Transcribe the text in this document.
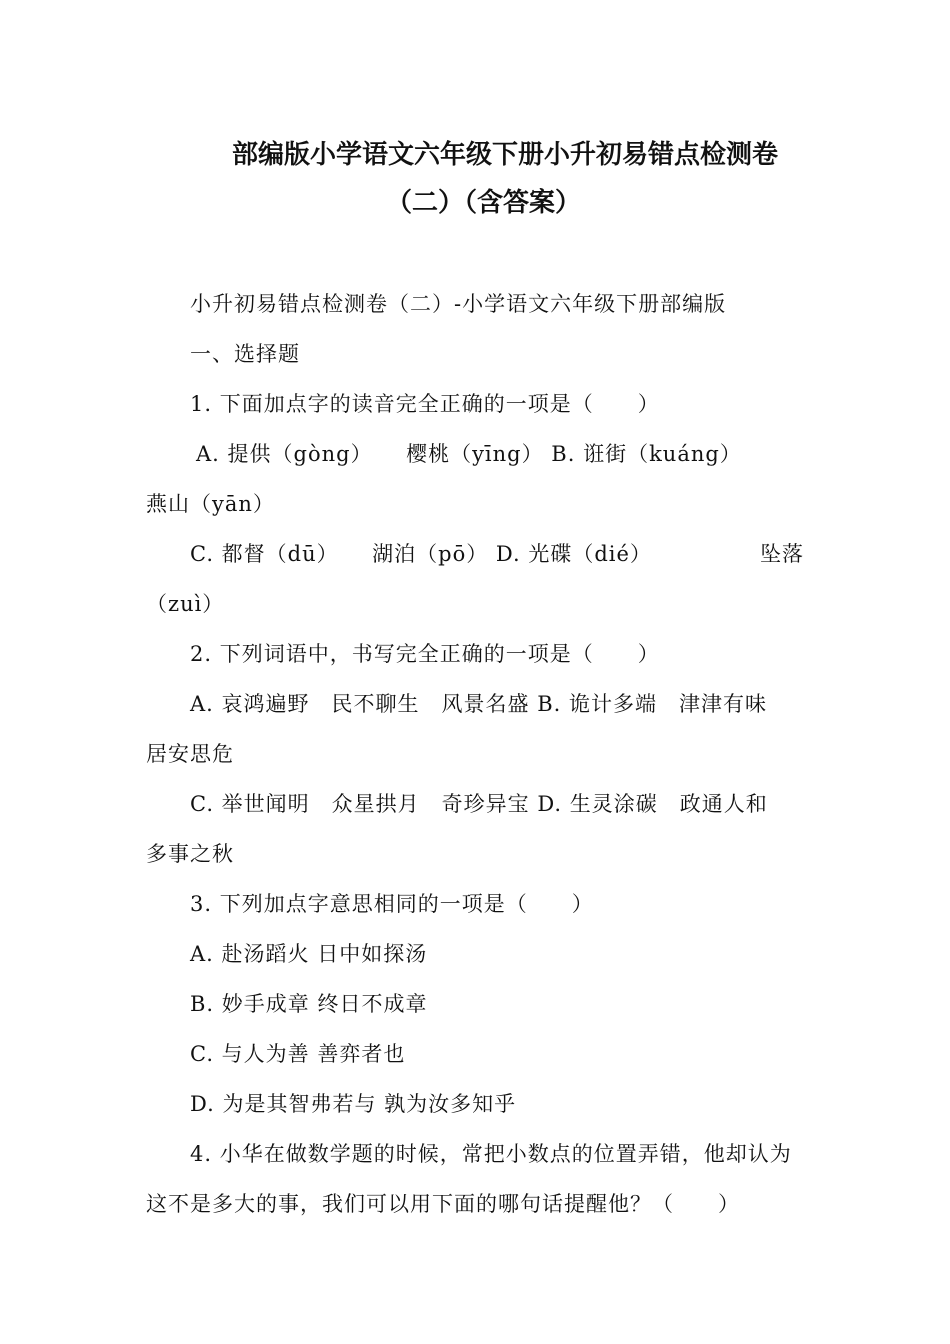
部编版小学语文六年级下册小升初易错点检测卷
（二）（含答案）
小升初易错点检测卷（二）-小学语文六年级下册部编版
一、选择题
1. 下面加点字的读音完全正确的一项是（　　）
A. 提供（gòng）　　樱桃（yīng） B. 诳街（kuáng）
燕山（yān）
C. 都督（dū）　　湖泊（pō） D. 光碟（dié）	坠落
（zuì）
2. 下列词语中，书写完全正确的一项是（　　）
A. 哀鸿遍野　民不聊生　风景名盛 B. 诡计多端　津津有味
居安思危
C. 举世闻明　众星拱月　奇珍异宝 D. 生灵涂碳　政通人和
多事之秋
3. 下列加点字意思相同的一项是（　　）
A. 赴汤蹈火 日中如探汤
B. 妙手成章 终日不成章
C. 与人为善 善弈者也
D. 为是其智弗若与 孰为汝多知乎
4. 小华在做数学题的时候，常把小数点的位置弄错，他却认为
这不是多大的事，我们可以用下面的哪句话提醒他？（　　）
